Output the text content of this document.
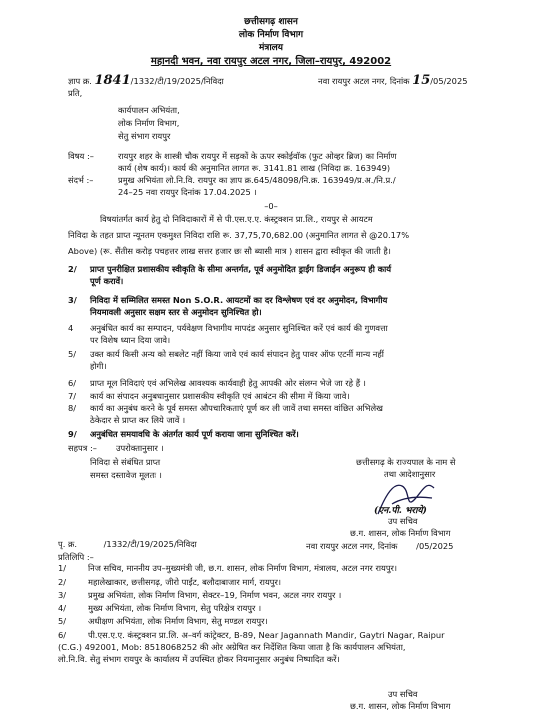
छत्तीसगढ़ शासन
लोक निर्माण विभाग
मंत्रालय
महानदी भवन, नवा रायपुर अटल नगर, जिला–रायपुर, 492002
ज्ञाप क्र. 1841/1332/टी/19/2025/निविदा	नवा रायपुर अटल नगर, दिनांक 15/05/2025
प्रति,
कार्यपालन अभियंता,
लोक निर्माण विभाग,
सेतु संभाग रायपुर
विषय :–	रायपुर शहर के शास्त्री चौक रायपुर में सड़कों के ऊपर स्कोईवॉक (फुट ओव्हर ब्रिज) का निर्माण
कार्य (शेष कार्य)। कार्य की अनुमानित लागत रू. 3141.81 लाख (निविदा क्र. 163949)
संदर्भ :–	प्रमुख अभियंता लो.नि.वि. रायपुर का ज्ञाप क्र.645/48098/नि.क्र. 163949/प्र.अ./नि.प्र./
24–25 नवा रायपुर दिनांक 17.04.2025 ।
–0–
विषयांतर्गत कार्य हेतु दो निविदाकारों में से पी.एस.ए.ए. कंस्ट्रक्शन प्रा.लि., रायपुर से आयटम
निविदा के तहत प्राप्त न्यूनतम एकमुश्त निविदा राशि रू. 37,75,70,682.00 (अनुमानित लागत से @20.17%
Above) (रू. सैंतीस करोड़ पचहत्तर लाख सत्तर हजार छः सौ ब्यासी मात्र ) शासन द्वारा स्वीकृत की जाती है।
2/ प्राप्त पुनरीक्षित प्रशासकीय स्वीकृति के सीमा अन्तर्गत, पूर्व अनुमोदित ड्राईंग डिजाईन अनुरूप ही कार्य
पूर्ण करावें।
3/ निविदा में सम्मिलित समस्त Non S.O.R. आयटमों का दर विश्लेषण एवं दर अनुमोदन, विभागीय
नियमावली अनुसार सक्षम स्तर से अनुमोदन सुनिश्चित हो।
4 अनुबंधित कार्य का सम्पादन, पर्यवेक्षण विभागीय मापदंड अनुसार सुनिश्चित करें एवं कार्य की गुणवत्ता
पर विशेष ध्यान दिया जावे।
5/ उक्त कार्य किसी अन्य को सबलेट नहीं किया जावे एवं कार्य संपादन हेतु पावर ऑफ एटर्नी मान्य नहीं
होगी।
6/ प्राप्त मूल निविदाएं एवं अभिलेख आवश्यक कार्यवाही हेतु आपकी ओर संलग्न भेजे जा रहे हैं ।
7/ कार्य का संपादन अनुबधानुसार प्रशासकीय स्वीकृति एवं आबंटन की सीमा में किया जावे।
8/ कार्य का अनुबंध करने के पूर्व समस्त औपचारिकताएं पूर्ण कर ली जावें तथा समस्त वांछित अभिलेख
ठेकेदार से प्राप्त कर लिये जावें ।
9/ अनुबंधित समयावधि के अंतर्गत कार्य पूर्ण कराया जाना सुनिश्चित करें।
सहपत्र :– उपरोक्तानुसार ।
निविदा से संबंधित प्राप्त
समस्त दस्तावेज मूलतः ।
छत्तीसगढ़ के राज्यपाल के नाम से
तथा आदेशानुसार
(एन.पी. भराये)
उप सचिव
छ.ग. शासन, लोक निर्माण विभाग
पृ. क्र.	/1332/टी/19/2025/निविदा	नवा रायपुर अटल नगर, दिनांक /05/2025
प्रतिलिपि :–
1/	निज सचिव, माननीय उप–मुख्यमंत्री जी, छ.ग. शासन, लोक निर्माण विभाग, मंत्रालय, अटल नगर रायपुर।
2/	महालेखाकार, छत्तीसगढ़, जीरो पाईंट, बलौदाबाजार मार्ग, रायपुर।
3/	प्रमुख अभियंता, लोक निर्माण विभाग, सेक्टर–19, निर्माण भवन, अटल नगर रायपुर ।
4/	मुख्य अभियंता, लोक निर्माण विभाग, सेतु परिक्षेत्र रायपुर ।
5/	अधीक्षण अभियंता, लोक निर्माण विभाग, सेतु मण्डल रायपुर।
6/	पी.एस.ए.ए. कंस्ट्रक्शन प्रा.लि. अ–वर्ग कांट्रेक्टर, B-89, Near Jagannath Mandir, Gaytri Nagar, Raipur
(C.G.) 492001, Mob: 8518068252 की ओर अग्रेषित कर निर्देशित किया जाता है कि कार्यपालन अभियंता,
लो.नि.वि. सेतु संभाग रायपुर के कार्यालय में उपस्थित होकर नियमानुसार अनुबंध निष्पादित करें।
उप सचिव
छ.ग. शासन, लोक निर्माण विभाग
